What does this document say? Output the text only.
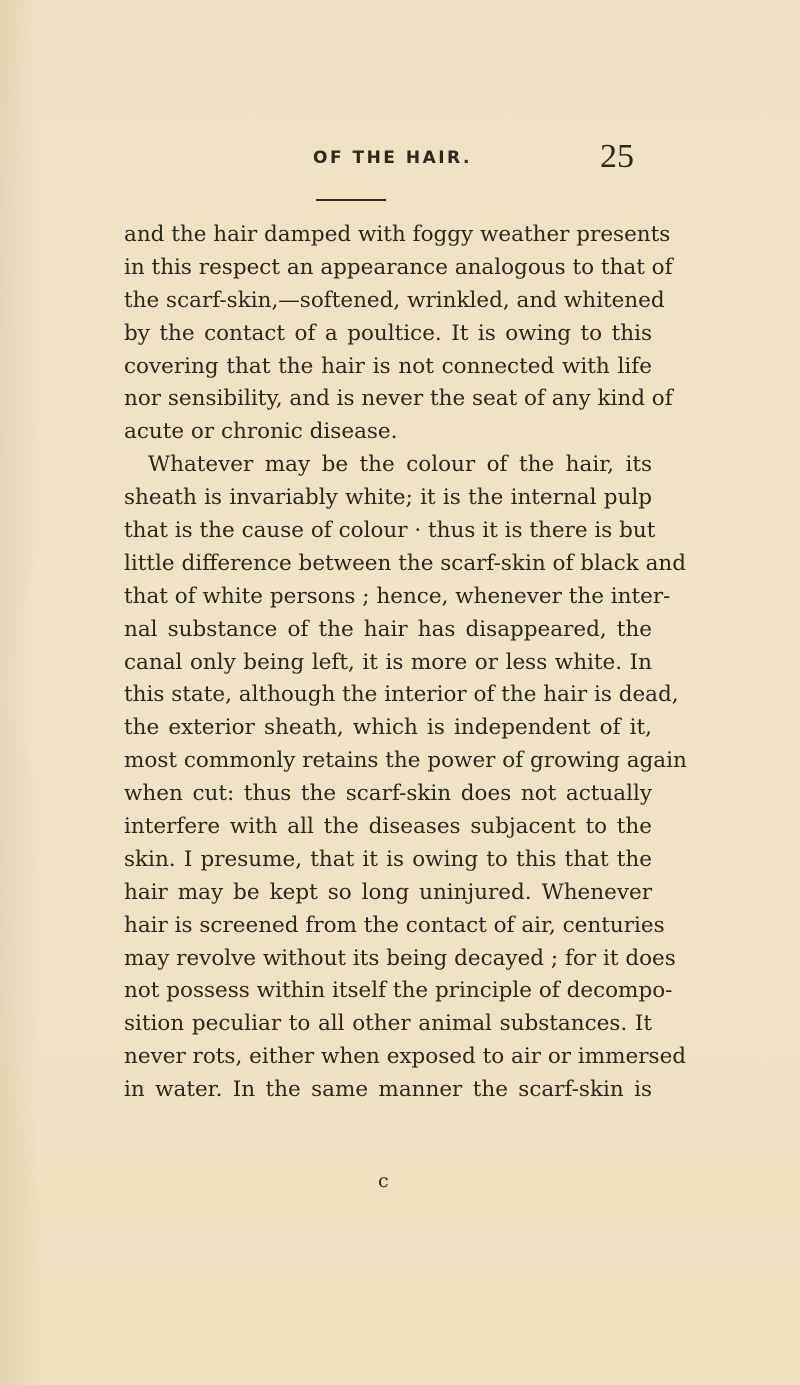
OF THE HAIR.	25
and the hair damped with foggy weather presents
in this respect an appearance analogous to that of
the scarf-skin,—softened, wrinkled, and whitened
by the contact of a poultice. It is owing to this
covering that the hair is not connected with life
nor sensibility, and is never the seat of any kind of
acute or chronic disease.
Whatever may be the colour of the hair, its
sheath is invariably white; it is the internal pulp
that is the cause of colour · thus it is there is but
little difference between the scarf-skin of black and
that of white persons ; hence, whenever the inter-
nal substance of the hair has disappeared, the
canal only being left, it is more or less white. In
this state, although the interior of the hair is dead,
the exterior sheath, which is independent of it,
most commonly retains the power of growing again
when cut: thus the scarf-skin does not actually
interfere with all the diseases subjacent to the
skin. I presume, that it is owing to this that the
hair may be kept so long uninjured. Whenever
hair is screened from the contact of air, centuries
may revolve without its being decayed ; for it does
not possess within itself the principle of decompo-
sition peculiar to all other animal substances. It
never rots, either when exposed to air or immersed
in water. In the same manner the scarf-skin is
c
